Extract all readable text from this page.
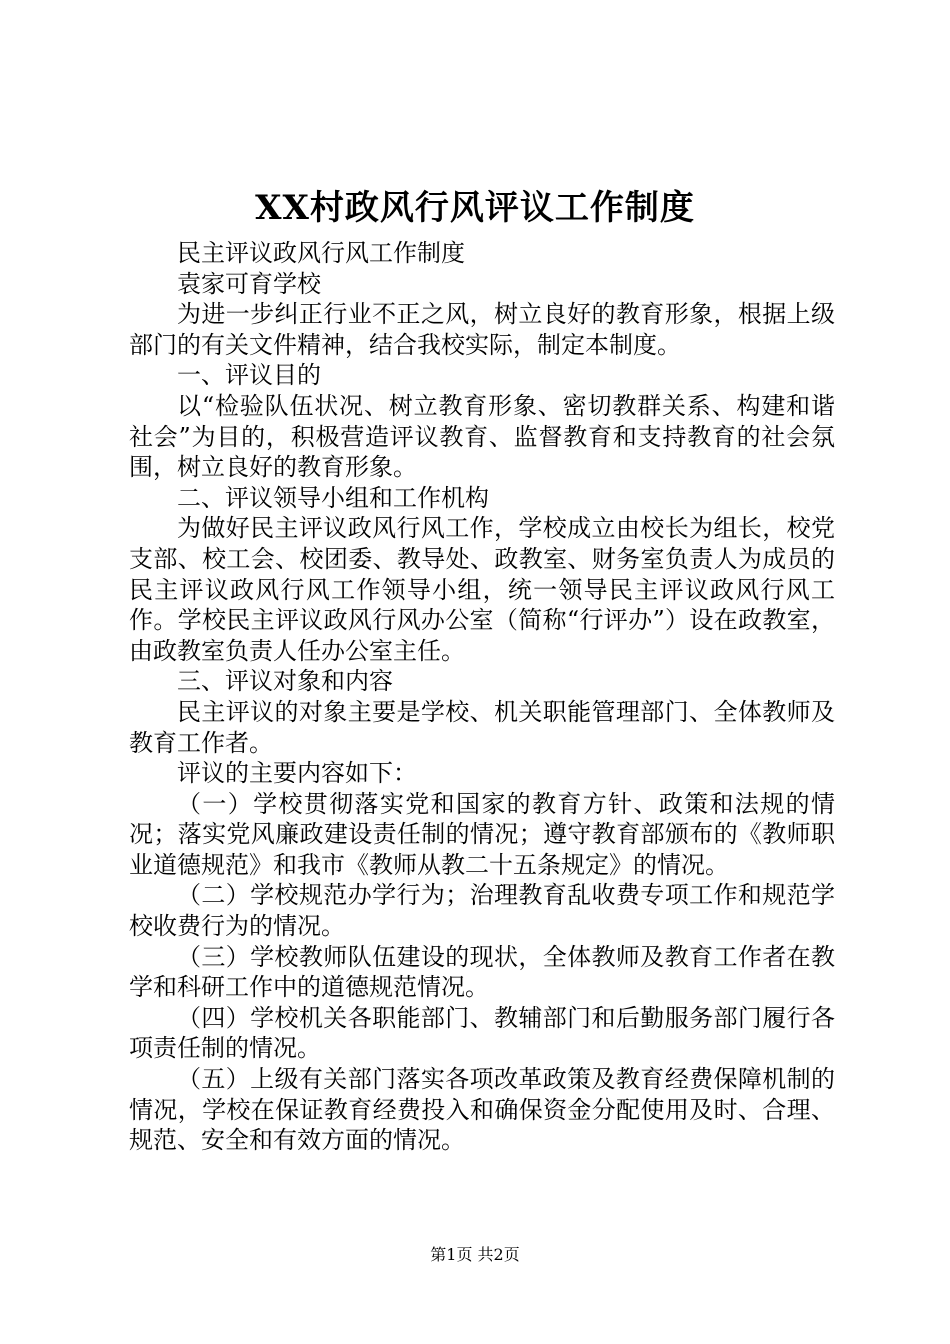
XX村政风行风评议工作制度

民主评议政风行风工作制度

袁家可育学校

为进一步纠正行业不正之风，树立良好的教育形象，根据上级部门的有关文件精神，结合我校实际，制定本制度。

一、评议目的

以“检验队伍状况、树立教育形象、密切教群关系、构建和谐社会”为目的，积极营造评议教育、监督教育和支持教育的社会氛围，树立良好的教育形象。

二、评议领导小组和工作机构

为做好民主评议政风行风工作，学校成立由校长为组长，校党支部、校工会、校团委、教导处、政教室、财务室负责人为成员的民主评议政风行风工作领导小组，统一领导民主评议政风行风工作。学校民主评议政风行风办公室（简称“行评办”）设在政教室，由政教室负责人任办公室主任。

三、评议对象和内容

民主评议的对象主要是学校、机关职能管理部门、全体教师及教育工作者。

评议的主要内容如下：

（一）学校贯彻落实党和国家的教育方针、政策和法规的情况；落实党风廉政建设责任制的情况；遵守教育部颁布的《教师职业道德规范》和我市《教师从教二十五条规定》的情况。

（二）学校规范办学行为；治理教育乱收费专项工作和规范学校收费行为的情况。

（三）学校教师队伍建设的现状，全体教师及教育工作者在教学和科研工作中的道德规范情况。

（四）学校机关各职能部门、教辅部门和后勤服务部门履行各项责任制的情况。

（五）上级有关部门落实各项改革政策及教育经费保障机制的情况，学校在保证教育经费投入和确保资金分配使用及时、合理、规范、安全和有效方面的情况。

第1页 共2页
